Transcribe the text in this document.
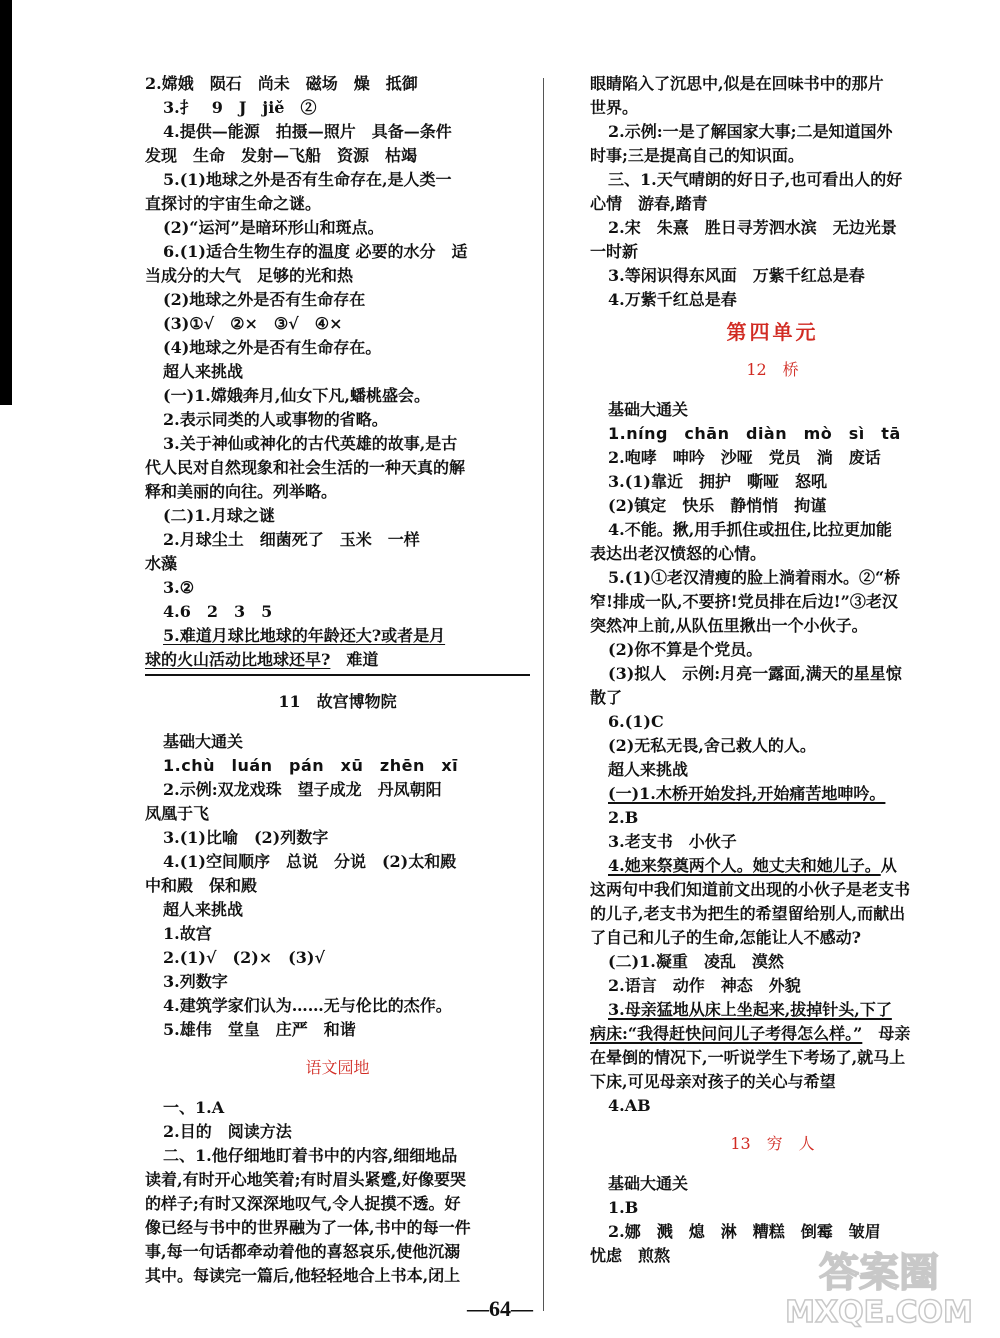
2.嫦娥　陨石　尚未　磁场　燥　抵御
3.扌　9　J　jiě　②
4.提供—能源　拍摄—照片　具备—条件
发现　生命　发射—飞船　资源　枯竭
5.(1)地球之外是否有生命存在,是人类一
直探讨的宇宙生命之谜。
(2)“运河”是暗环形山和斑点。
6.(1)适合生物生存的温度 必要的水分　适
当成分的大气　足够的光和热
(2)地球之外是否有生命存在
(3)①√　②×　③√　④×
(4)地球之外是否有生命存在。
超人来挑战
(一)1.嫦娥奔月,仙女下凡,蟠桃盛会。
2.表示同类的人或事物的省略。
3.关于神仙或神化的古代英雄的故事,是古
代人民对自然现象和社会生活的一种天真的解
释和美丽的向往。列举略。
(二)1.月球之谜
2.月球尘土　细菌死了　玉米　一样
水藻
3.②
4.6　2　3　5
5.难道月球比地球的年龄还大?或者是月
球的火山活动比地球还早?　 难道
11　故宫博物院
基础大通关
1.chù　luán　pán　xū　zhēn　xī
2.示例:双龙戏珠　望子成龙　丹凤朝阳
凤凰于飞
3.(1)比喻　(2)列数字
4.(1)空间顺序　总说　分说　(2)太和殿
中和殿　保和殿
超人来挑战
1.故宫
2.(1)√　(2)×　(3)√
3.列数字
4.建筑学家们认为……无与伦比的杰作。
5.雄伟　堂皇　庄严　和谐
语文园地
一、1.A
2.目的　阅读方法
二、1.他仔细地盯着书中的内容,细细地品
读着,有时开心地笑着;有时眉头紧蹙,好像要哭
的样子;有时又深深地叹气,令人捉摸不透。好
像已经与书中的世界融为了一体,书中的每一件
事,每一句话都牵动着他的喜怒哀乐,使他沉溺
其中。每读完一篇后,他轻轻地合上书本,闭上
眼睛陷入了沉思中,似是在回味书中的那片
世界。
2.示例:一是了解国家大事;二是知道国外
时事;三是提高自己的知识面。
三、1.天气晴朗的好日子,也可看出人的好
心情　游春,踏青
2.宋　朱熹　胜日寻芳泗水滨　无边光景
一时新
3.等闲识得东风面　万紫千红总是春
4.万紫千红总是春
第四单元
12　桥
基础大通关
1.níng　chān　diàn　mò　sì　tā
2.咆哮　呻吟　沙哑　党员　淌　废话
3.(1)靠近　拥护　嘶哑　怒吼
(2)镇定　快乐　静悄悄　拘谨
4.不能。揪,用手抓住或扭住,比拉更加能
表达出老汉愤怒的心情。
5.(1)①老汉清瘦的脸上淌着雨水。②“桥
窄!排成一队,不要挤!党员排在后边!”③老汉
突然冲上前,从队伍里揪出一个小伙子。
(2)你不算是个党员。
(3)拟人　示例:月亮一露面,满天的星星惊
散了
6.(1)C
(2)无私无畏,舍己救人的人。
超人来挑战
(一)1.木桥开始发抖,开始痛苦地呻吟。
2.B
3.老支书　小伙子
4.她来祭奠两个人。她丈夫和她儿子。从
这两句中我们知道前文出现的小伙子是老支书
的儿子,老支书为把生的希望留给别人,而献出
了自己和儿子的生命,怎能让人不感动?
(二)1.凝重　凌乱　漠然
2.语言　动作　神态　外貌
3.母亲猛地从床上坐起来,拔掉针头,下了
病床:“我得赶快问问儿子考得怎么样。”　 母亲
在晕倒的情况下,一听说学生下考场了,就马上
下床,可见母亲对孩子的关心与希望
4.AB
13　穷　人
基础大通关
1.B
2.娜　溅　熄　淋　糟糕　倒霉　皱眉
忧虑　煎熬
—64—
答案圈
MXQE.COM
